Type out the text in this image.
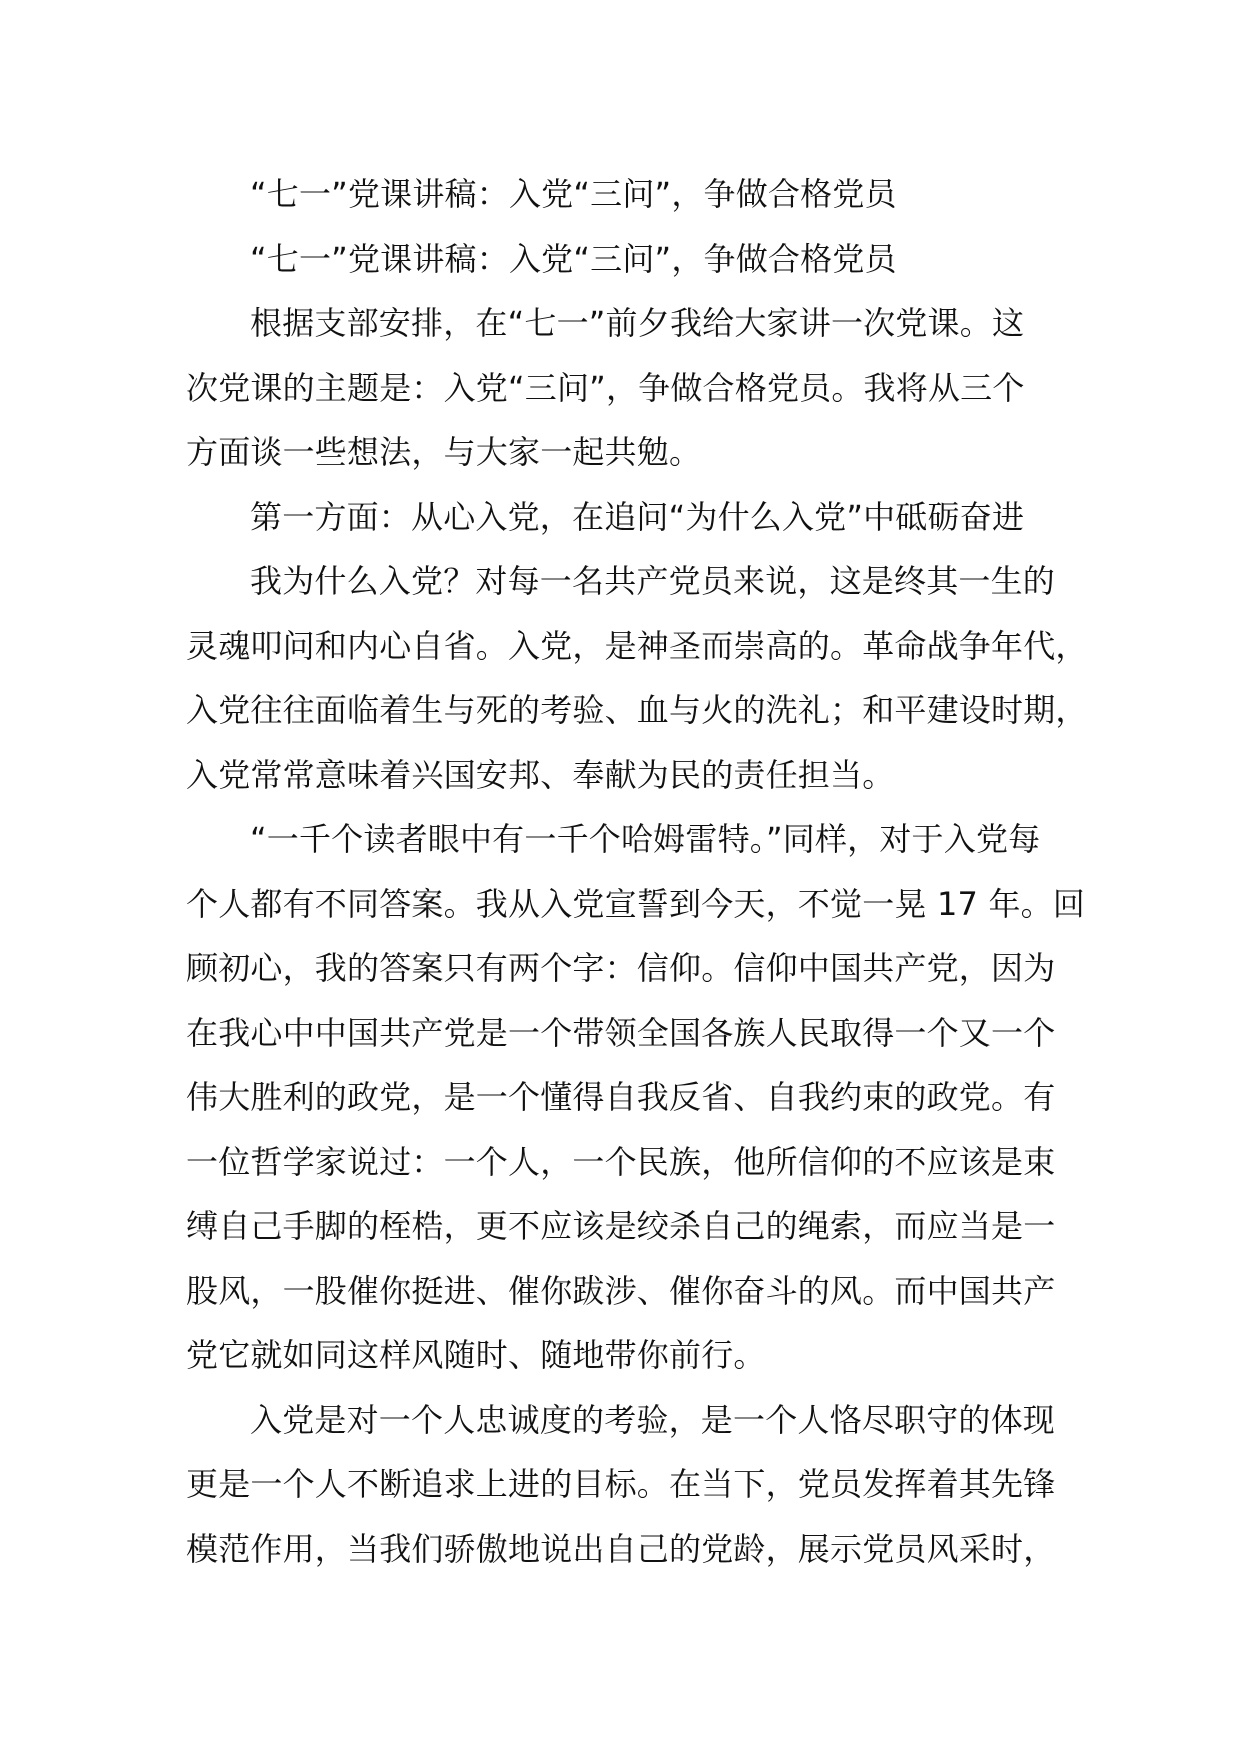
“七一”党课讲稿：入党“三问”，争做合格党员
“七一”党课讲稿：入党“三问”，争做合格党员
根据支部安排，在“七一”前夕我给大家讲一次党课。这
次党课的主题是：入党“三问”，争做合格党员。我将从三个
方面谈一些想法，与大家一起共勉。
第一方面：从心入党，在追问“为什么入党”中砥砺奋进
我为什么入党？对每一名共产党员来说，这是终其一生的
灵魂叩问和内心自省。入党，是神圣而崇高的。革命战争年代，
入党往往面临着生与死的考验、血与火的洗礼；和平建设时期，
入党常常意味着兴国安邦、奉献为民的责任担当。
“一千个读者眼中有一千个哈姆雷特。”同样，对于入党每
个人都有不同答案。我从入党宣誓到今天，不觉一晃 17 年。回
顾初心，我的答案只有两个字：信仰。信仰中国共产党，因为
在我心中中国共产党是一个带领全国各族人民取得一个又一个
伟大胜利的政党，是一个懂得自我反省、自我约束的政党。有
一位哲学家说过：一个人，一个民族，他所信仰的不应该是束
缚自己手脚的桎梏，更不应该是绞杀自己的绳索，而应当是一
股风，一股催你挺进、催你跋涉、催你奋斗的风。而中国共产
党它就如同这样风随时、随地带你前行。
入党是对一个人忠诚度的考验，是一个人恪尽职守的体现
更是一个人不断追求上进的目标。在当下，党员发挥着其先锋
模范作用，当我们骄傲地说出自己的党龄，展示党员风采时，
